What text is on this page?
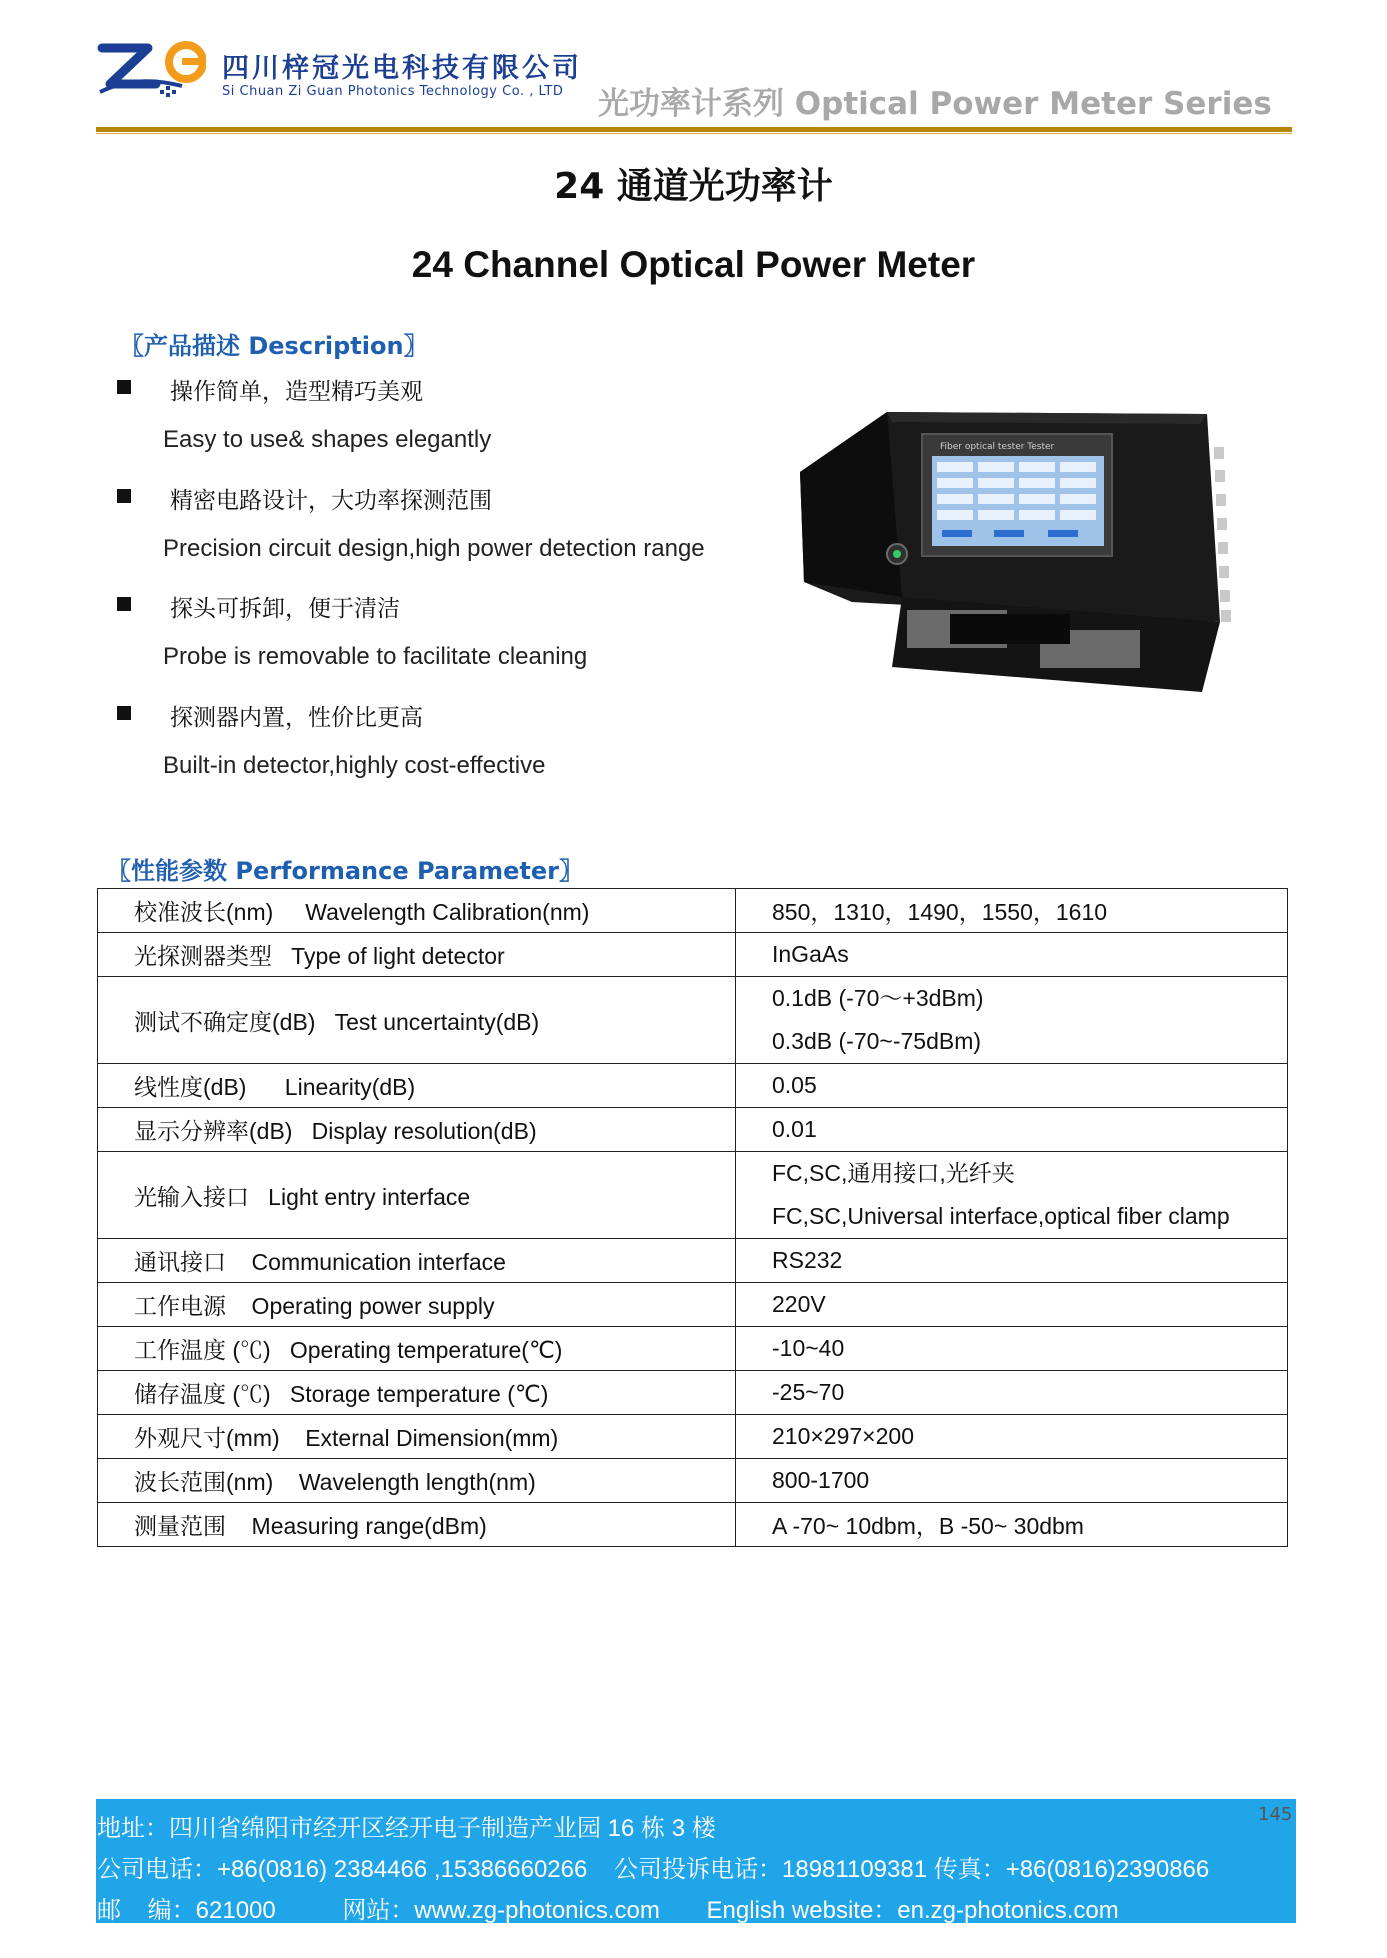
四川梓冠光电科技有限公司
Si Chuan Zi Guan Photonics Technology Co. , LTD 光功率计系列 Optical Power Meter Series
24 通道光功率计
24 Channel Optical Power Meter
〖产品描述 Description〗
操作简单，造型精巧美观
Easy to use& shapes elegantly
精密电路设计，大功率探测范围
Precision circuit design,high power detection range
探头可拆卸，便于清洁
Probe is removable to facilitate cleaning
探测器内置，性价比更高
Built-in detector,highly cost-effective
Fiber optical tester Tester
〖性能参数 Performance Parameter〗
校准波长(nm)     Wavelength Calibration(nm)	850，1310，1490，1550，1610
光探测器类型   Type of light detector	InGaAs
测试不确定度(dB)   Test uncertainty(dB)	0.1dB (-70～+3dBm)
0.3dB (-70~-75dBm)

线性度(dB)      Linearity(dB)	0.05
显示分辨率(dB)   Display resolution(dB)	0.01
光输入接口   Light entry interface	FC,SC,通用接口,光纤夹
FC,SC,Universal interface,optical fiber clamp

通讯接口    Communication interface	RS232
工作电源    Operating power supply	220V
工作温度 (℃)   Operating temperature(℃)	-10~40
储存温度 (℃)   Storage temperature (℃)	-25~70
外观尺寸(mm)    External Dimension(mm)	210×297×200
波长范围(nm)    Wavelength length(nm)	800-1700
测量范围    Measuring range(dBm)	A -70~ 10dbm，B -50~ 30dbm
145
地址：四川省绵阳市经开区经开电子制造产业园 16 栋 3 楼
公司电话：+86(0816) 2384466 ,15386660266    公司投诉电话：18981109381 传真：+86(0816)2390866
邮    编：621000          网站：www.zg-photonics.com       English website：en.zg-photonics.com
